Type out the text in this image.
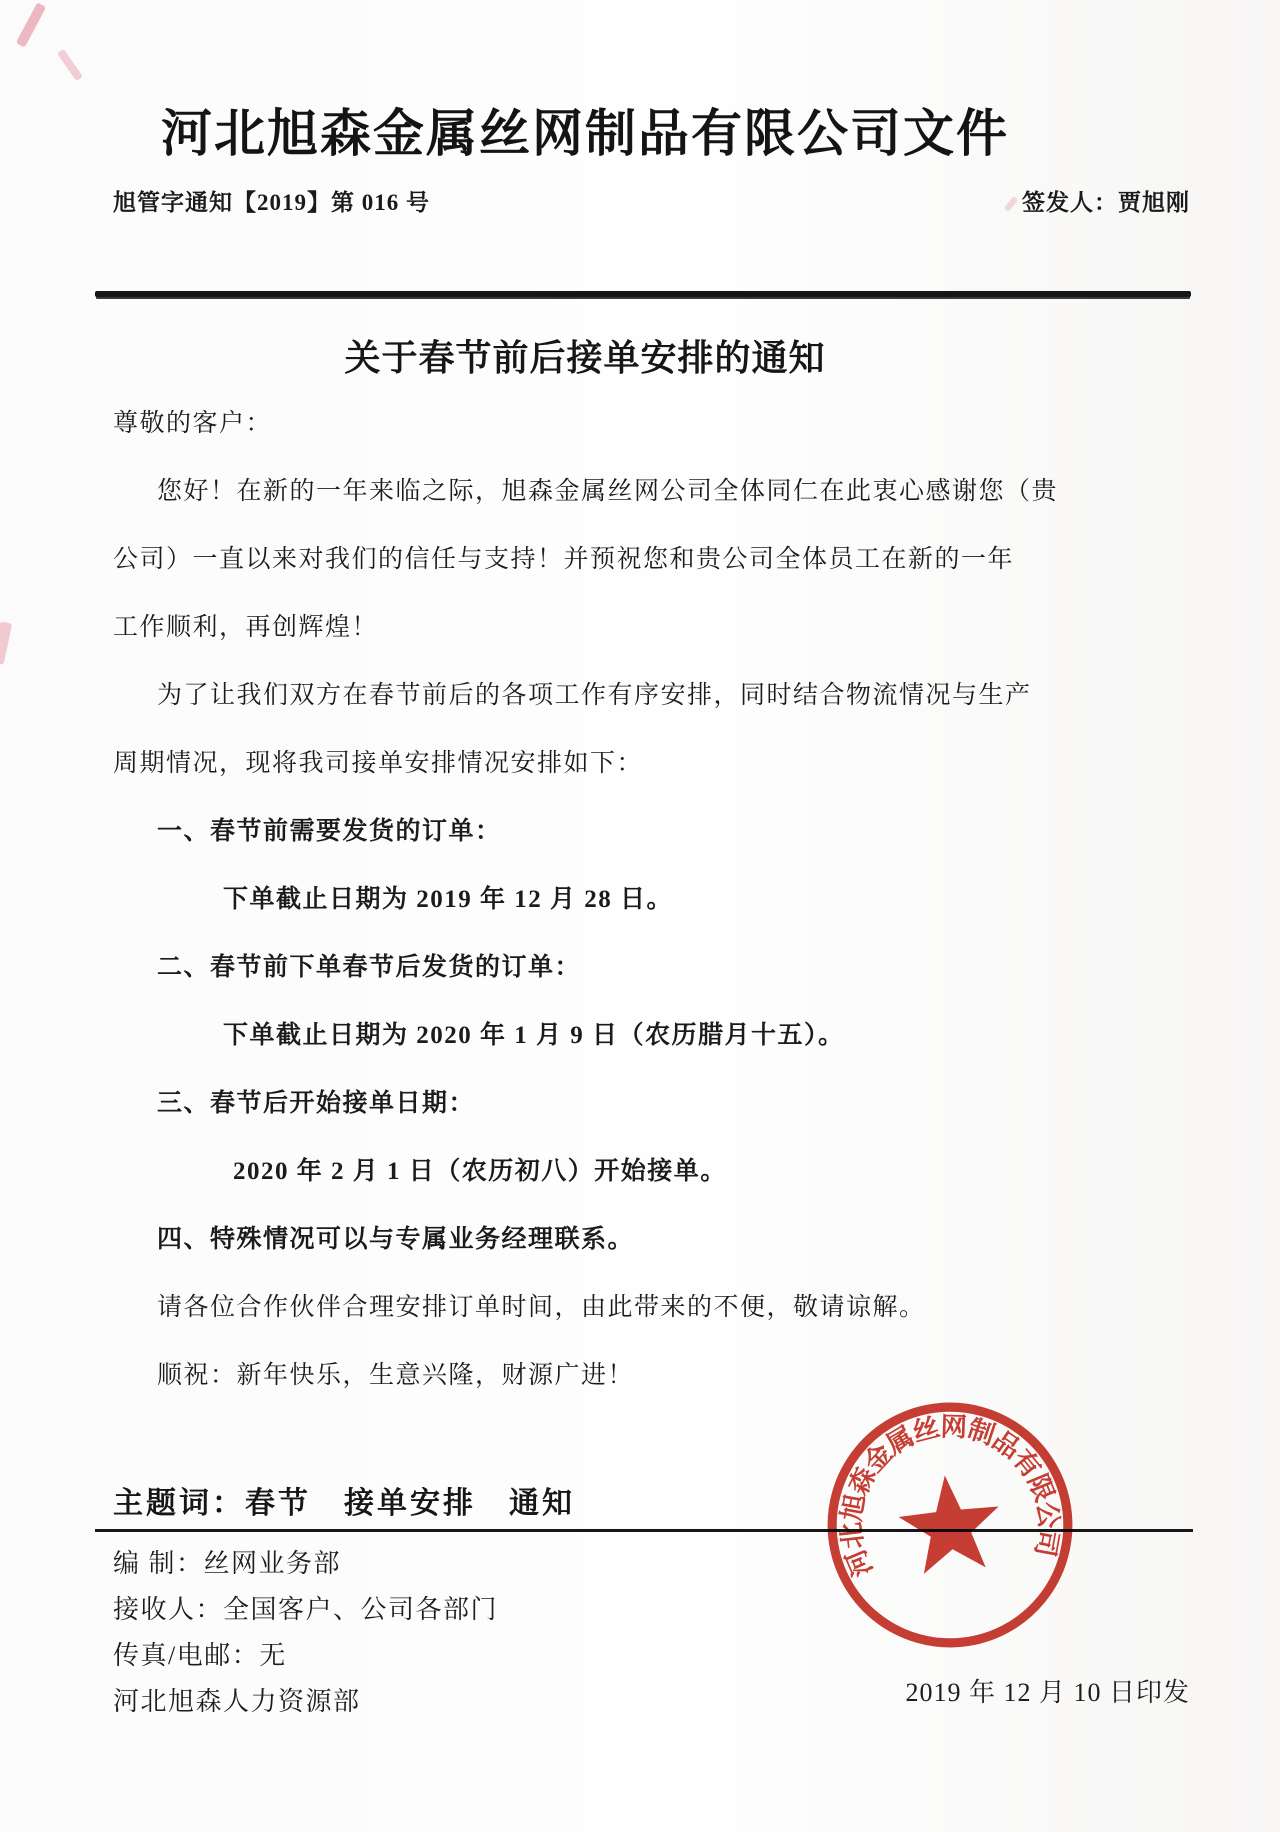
河北旭森金属丝网制品有限公司文件
旭管字通知【2019】第 016 号	签发人：贾旭刚
关于春节前后接单安排的通知
尊敬的客户：
您好！在新的一年来临之际，旭森金属丝网公司全体同仁在此衷心感谢您（贵
公司）一直以来对我们的信任与支持！并预祝您和贵公司全体员工在新的一年
工作顺利，再创辉煌！
为了让我们双方在春节前后的各项工作有序安排，同时结合物流情况与生产
周期情况，现将我司接单安排情况安排如下：
一、春节前需要发货的订单：
下单截止日期为 2019 年 12 月 28 日。
二、春节前下单春节后发货的订单：
下单截止日期为 2020 年 1 月 9 日（农历腊月十五）。
三、春节后开始接单日期：
2020 年 2 月 1 日（农历初八）开始接单。
四、特殊情况可以与专属业务经理联系。
请各位合作伙伴合理安排订单时间，由此带来的不便，敬请谅解。
顺祝：新年快乐，生意兴隆，财源广进！
主题词：春节　接单安排　通知
编 制：丝网业务部
接收人：全国客户、公司各部门
传真/电邮：无
河北旭森人力资源部	2019 年 12 月 10 日印发
河北旭森金属丝网制品有限公司
